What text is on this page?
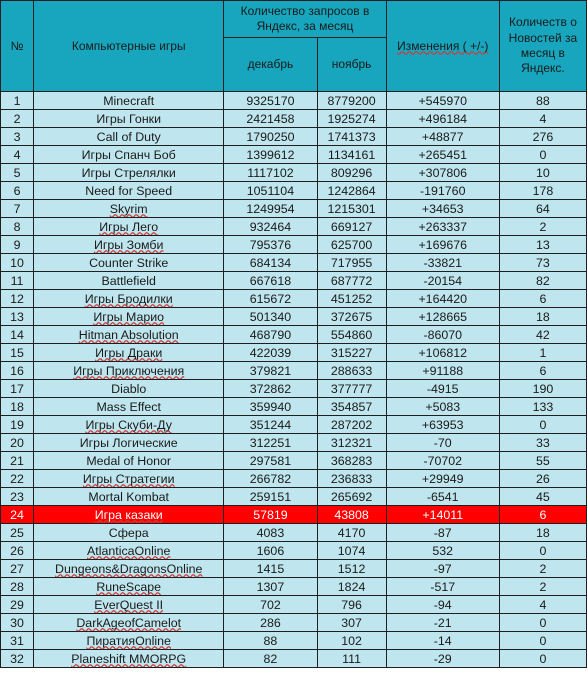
№	Компьютерные игры	Количество запросов в Яндекс, за месяц		Изменения ( +/-)	Количеств о Новостей за месяц в Яндекс.
		декабрь	ноябрь		
1	Minecraft	9325170	8779200	+545970	88
2	Игры Гонки	2421458	1925274	+496184	4
3	Call of Duty	1790250	1741373	+48877	276
4	Игры Спанч Боб	1399612	1134161	+265451	0
5	Игры Стрелялки	1117102	809296	+307806	10
6	Need for Speed	1051104	1242864	-191760	178
7	Skyrim	1249954	1215301	+34653	64
8	Игры Лего	932464	669127	+263337	2
9	Игры Зомби	795376	625700	+169676	13
10	Counter Strike	684134	717955	-33821	73
11	Battlefield	667618	687772	-20154	82
12	Игры Бродилки	615672	451252	+164420	6
13	Игры Марио	501340	372675	+128665	18
14	Hitman Absolution	468790	554860	-86070	42
15	Игры Драки	422039	315227	+106812	1
16	Игры Приключения	379821	288633	+91188	6
17	Diablo	372862	377777	-4915	190
18	Mass Effect	359940	354857	+5083	133
19	Игры Скуби-Ду	351244	287202	+63953	0
20	Игры Логические	312251	312321	-70	33
21	Medal of Honor	297581	368283	-70702	55
22	Игры Стратегии	266782	236833	+29949	26
23	Mortal Kombat	259151	265692	-6541	45
24	Игра казаки	57819	43808	+14011	6
25	Сфера	4083	4170	-87	18
26	AtlanticaOnline	1606	1074	532	0
27	Dungeons&DragonsOnline	1415	1512	-97	2
28	RuneScape	1307	1824	-517	2
29	EverQuest II	702	796	-94	4
30	DarkAgeofCamelot	286	307	-21	0
31	ПиратияOnline	88	102	-14	0
32	Planeshift MMORPG	82	111	-29	0
